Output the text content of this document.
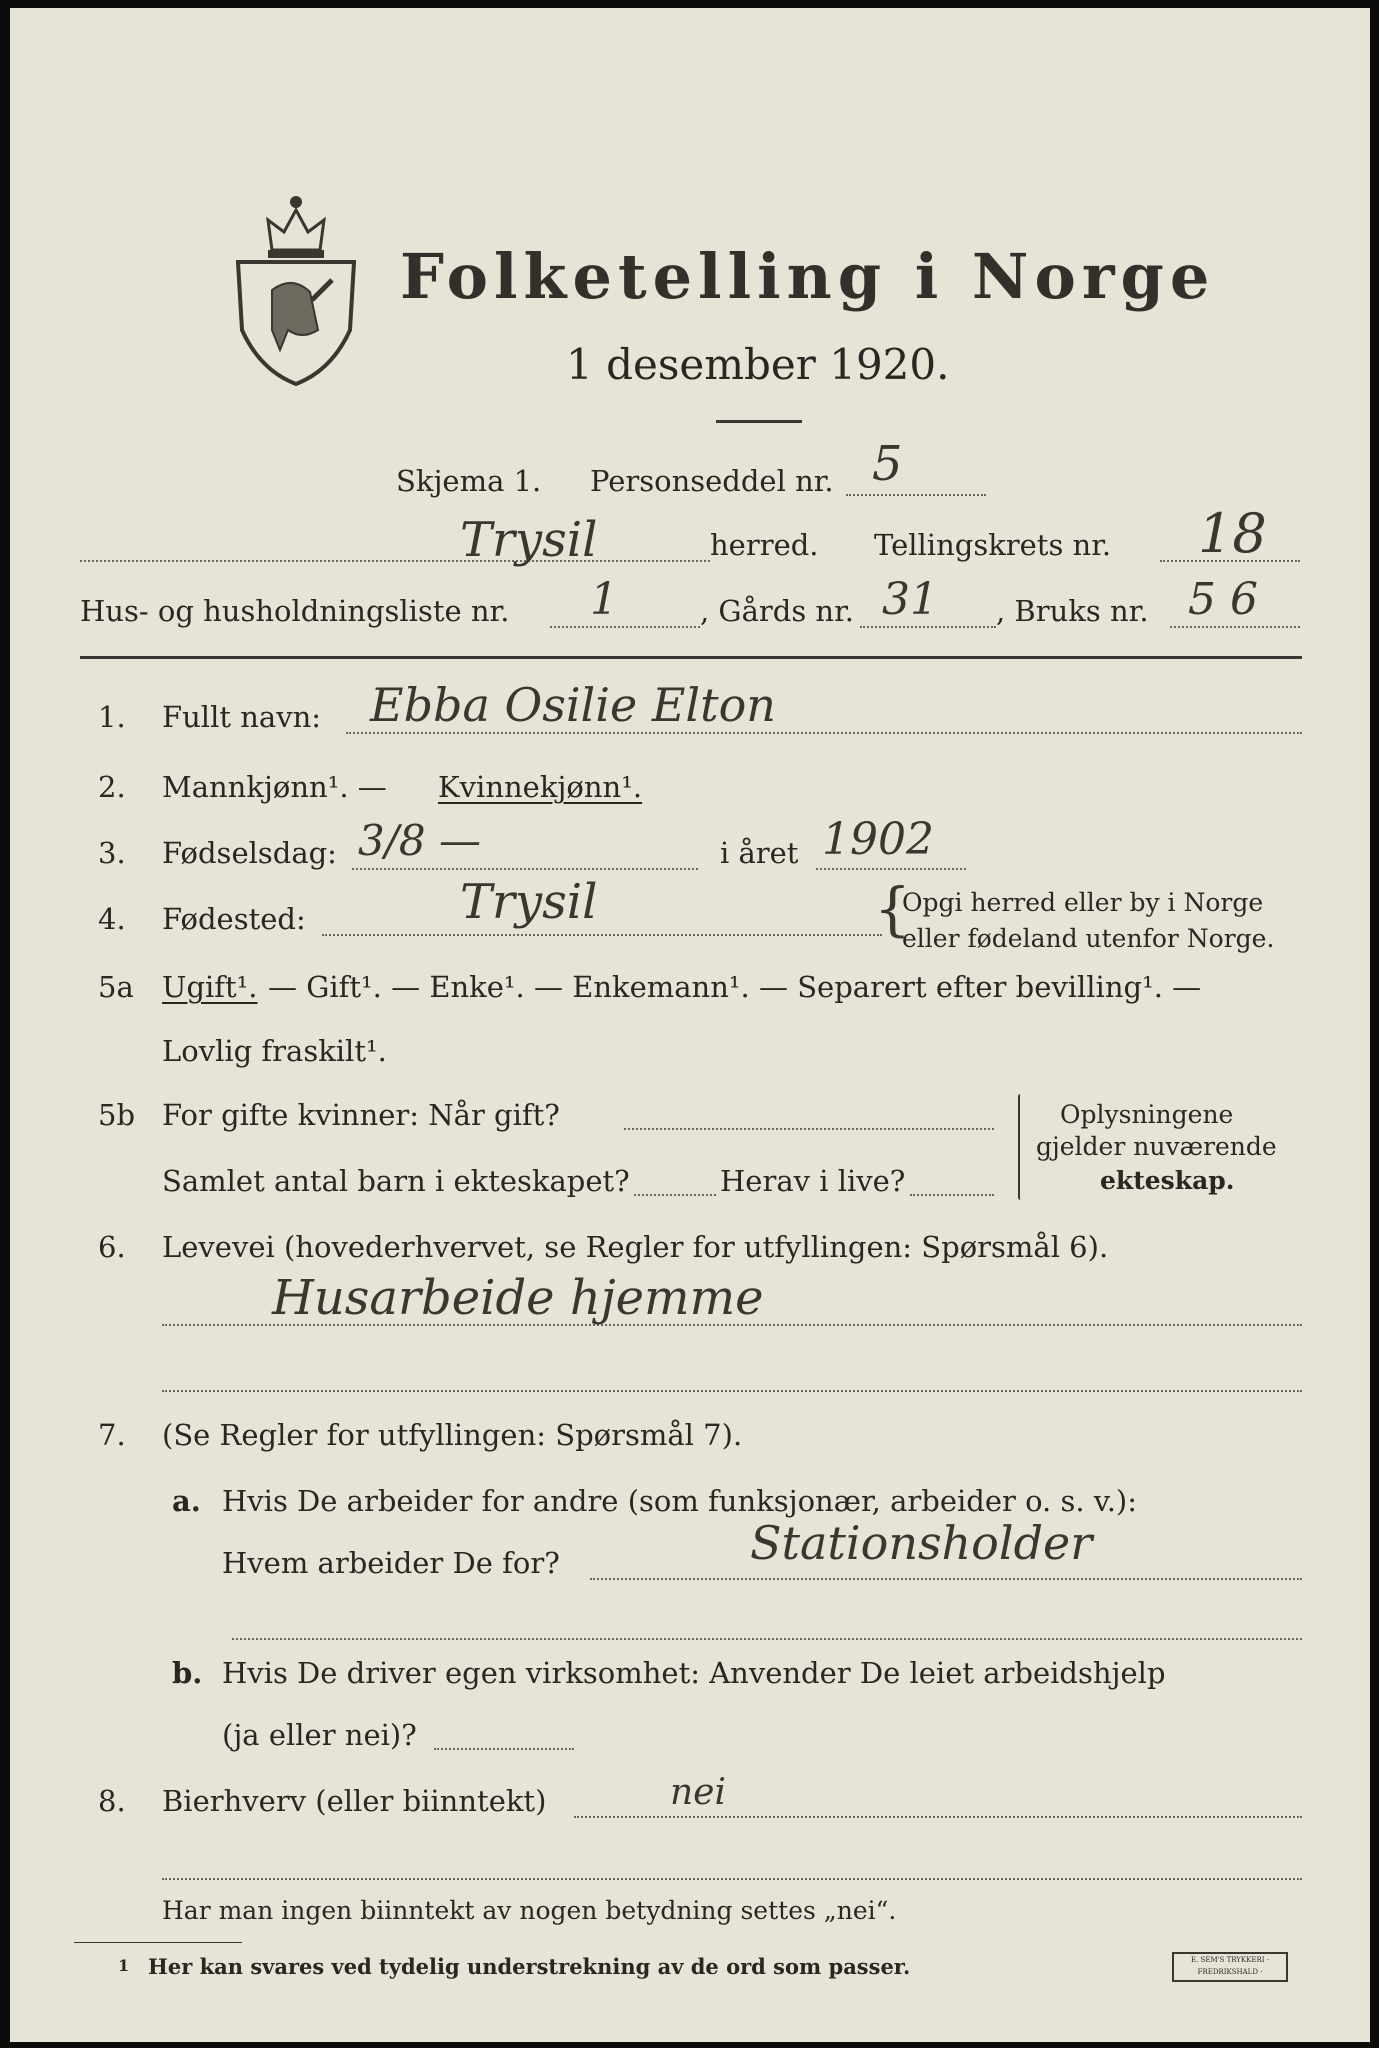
Folketelling i Norge
1 desember 1920.
Skjema 1. Personseddel nr. 5
Trysil	herred. Tellingskrets nr. 18
Hus- og husholdningsliste nr. 1	, Gårds nr. 31 , Bruks nr. 5 6
1. Fullt navn: Ebba Osilie Elton
2. Mannkjønn¹. — Kvinnekjønn¹.
3. Fødselsdag: 3/8 —	i året 1902
4. Fødested:	Trysil	{
Opgi herred eller by i Norge
eller fødeland utenfor Norge.
5a Ugift¹. — Gift¹. — Enke¹. — Enkemann¹. — Separert efter bevilling¹. —
Lovlig fraskilt¹.
5b For gifte kvinner: Når gift?
Samlet antal barn i ekteskapet?	Herav i live?
Oplysningene
gjelder nuværende
ekteskap.
6. Levevei (hovederhvervet, se Regler for utfyllingen: Spørsmål 6).
Husarbeide hjemme
7. (Se Regler for utfyllingen: Spørsmål 7).
a. Hvis De arbeider for andre (som funksjonær, arbeider o. s. v.):
Hvem arbeider De for?	Stationsholder
b. Hvis De driver egen virksomhet: Anvender De leiet arbeidshjelp
(ja eller nei)?
8. Bierhverv (eller biinntekt)	nei
Har man ingen biinntekt av nogen betydning settes „nei“.
1 Her kan svares ved tydelig understrekning av de ord som passer.	E. SEM'S TRYKKERI · FREDRIKSHALD ·
